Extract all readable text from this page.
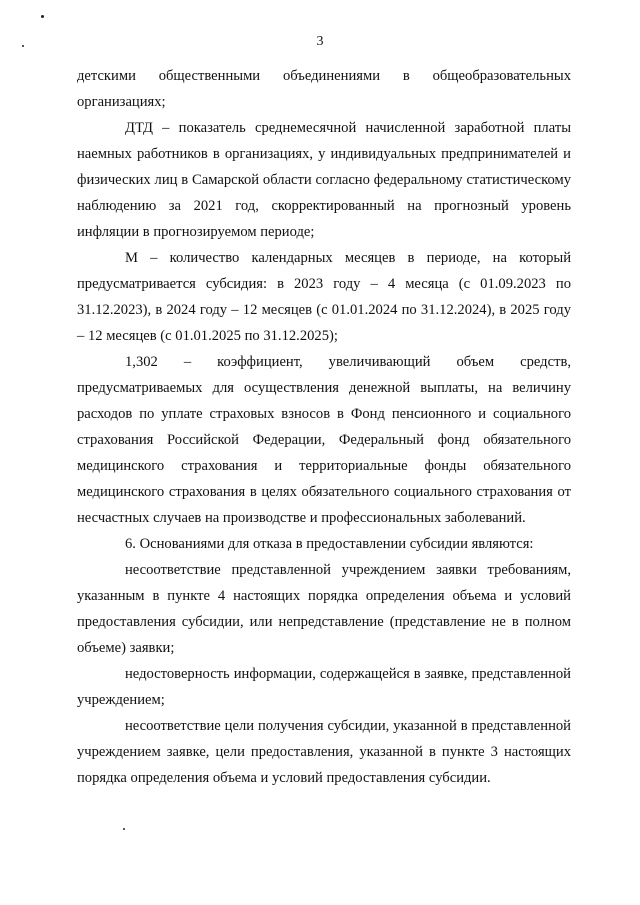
3

детскими общественными объединениями в общеобразовательных организациях;

ДТД – показатель среднемесячной начисленной заработной платы наемных работников в организациях, у индивидуальных предпринимателей и физических лиц в Самарской области согласно федеральному статистическому наблюдению за 2021 год, скорректированный на прогнозный уровень инфляции в прогнозируемом периоде;

М – количество календарных месяцев в периоде, на который предусматривается субсидия: в 2023 году – 4 месяца (с 01.09.2023 по 31.12.2023), в 2024 году – 12 месяцев (с 01.01.2024 по 31.12.2024), в 2025 году – 12 месяцев (с 01.01.2025 по 31.12.2025);

1,302 – коэффициент, увеличивающий объем средств, предусматриваемых для осуществления денежной выплаты, на величину расходов по уплате страховых взносов в Фонд пенсионного и социального страхования Российской Федерации, Федеральный фонд обязательного медицинского страхования и территориальные фонды обязательного медицинского страхования в целях обязательного социального страхования от несчастных случаев на производстве и профессиональных заболеваний.

6. Основаниями для отказа в предоставлении субсидии являются:

несоответствие представленной учреждением заявки требованиям, указанным в пункте 4 настоящих порядка определения объема и условий предоставления субсидии, или непредставление (представление не в полном объеме) заявки;

недостоверность информации, содержащейся в заявке, представленной учреждением;

несоответствие цели получения субсидии, указанной в представленной учреждением заявке, цели предоставления, указанной в пункте 3 настоящих порядка определения объема и условий предоставления субсидии.
